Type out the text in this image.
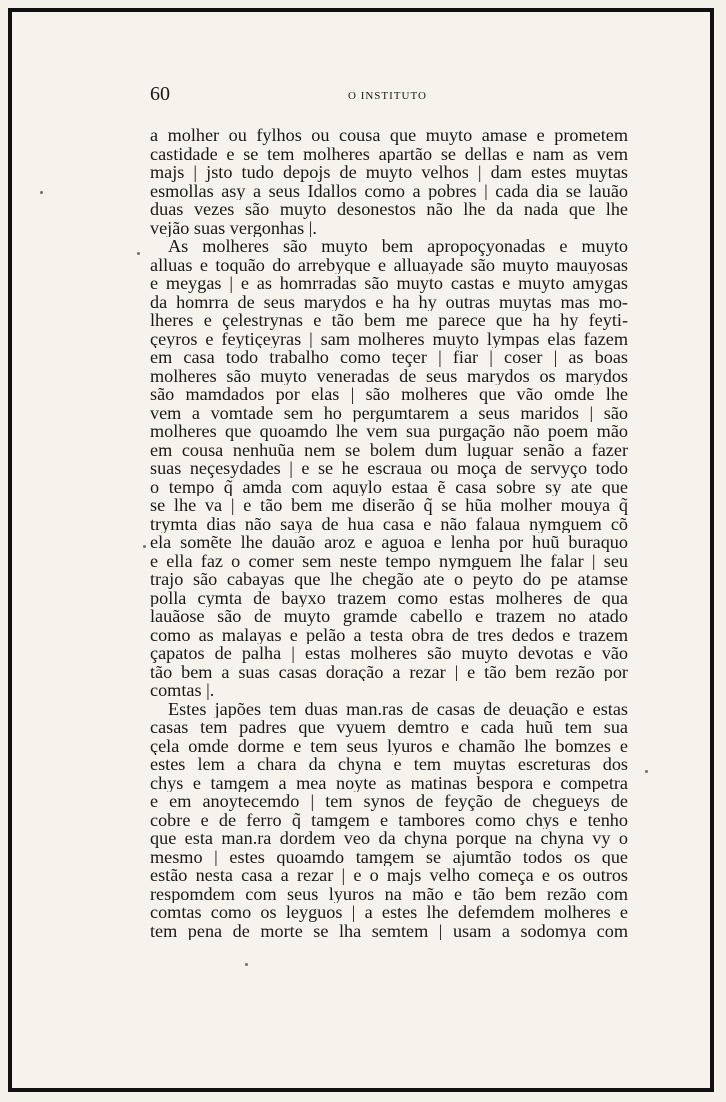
60	O INSTITUTO
a molher ou fylhos ou cousa que muyto amase e prometem
castidade e se tem molheres apartão se dellas e nam as vem
majs | jsto tudo depojs de muyto velhos | dam estes muytas
esmollas asy a seus Idallos como a pobres | cada dia se lauão
duas vezes são muyto desonestos não lhe da nada que lhe
vejão suas vergonhas |.
As molheres são muyto bem apropoçyonadas e muyto
alluas e toquão do arrebyque e alluayade são muyto mauyosas
e meygas | e as homrradas são muyto castas e muyto amygas
da homrra de seus marydos e ha hy outras muytas mas mo-
lheres e çelestrynas e tão bem me parece que ha hy feyti-
çeyros e feytiçeyras | sam molheres muyto lympas elas fazem
em casa todo trabalho como teçer | fiar | coser | as boas
molheres são muyto veneradas de seus marydos os marydos
são mamdados por elas | são molheres que vão omde lhe
vem a vomtade sem ho pergumtarem a seus maridos | são
molheres que quoamdo lhe vem sua purgação não poem mão
em cousa nenhuũa nem se bolem dum luguar senão a fazer
suas neçesydades | e se he escraua ou moça de servyço todo
o tempo q̃ amda com aquylo estaa ẽ casa sobre sy ate que
se lhe va | e tão bem me diserão q̃ se hũa molher mouya q̃
trymta dias não saya de hua casa e não falaua nymguem cõ
ela somẽte lhe dauão aroz e aguoa e lenha por huũ buraquo
e ella faz o comer sem neste tempo nymguem lhe falar | seu
trajo são cabayas que lhe chegão ate o peyto do pe atamse
polla cymta de bayxo trazem como estas molheres de qua
lauãose são de muyto gramde cabello e trazem no atado
como as malayas e pelão a testa obra de tres dedos e trazem
çapatos de palha | estas molheres são muyto devotas e vão
tão bem a suas casas doração a rezar | e tão bem rezão por
comtas |.
Estes japões tem duas man.ras de casas de deuação e estas
casas tem padres que vyuem demtro e cada huũ tem sua
çela omde dorme e tem seus lyuros e chamão lhe bomzes e
estes lem a chara da chyna e tem muytas escreturas dos
chys e tamgem a mea noyte as matinas bespora e competra
e em anoytecemdo | tem synos de feyção de chegueys de
cobre e de ferro q̃ tamgem e tambores como chys e tenho
que esta man.ra dordem veo da chyna porque na chyna vy o
mesmo | estes quoamdo tamgem se ajumtão todos os que
estão nesta casa a rezar | e o majs velho começa e os outros
respomdem com seus lyuros na mão e tão bem rezão com
comtas como os leyguos | a estes lhe defemdem molheres e
tem pena de morte se lha semtem | usam a sodomya com
